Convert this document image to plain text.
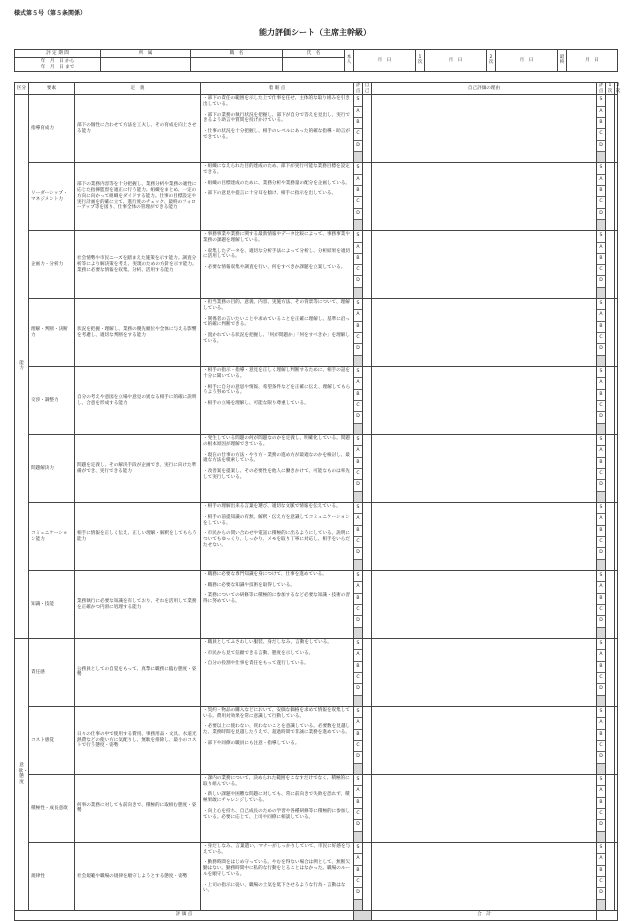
様式第５号（第５条関係）
能力評価シート（主席主幹級）
評 定 期 間	所　属	職　名	氏　名	本人	月　日	1次	月　日	2次	月　日	最終	月　日

年　月　日 から
年　月　日 まで											

区分	要素	定　義	着 眼 点	評点	自己	自己評価の理由	評点	1次	2次
能力	指導育成力	部下の個性に合わせて方法を工夫し、その育成を向上させる能力	・部下の責任の範囲を示した上で仕事を任せ、主体的な取り組みを引き出している。
・部下の業務の執行状況を把握し、部下が自分で答えを見出し、実行できるよう助言や質問を投げかけている。
・仕事の状況を十分把握し、相手のレベルにあった的確な指導・助言ができている。	S
A
B
C
D			S
A
B
C
D		

	リーダーシップ・マネジメント力	部下の業務内容等を十分把握し、業務分析や業務の適性に応じた指揮監督を適正に行う能力。組織をまとめ、一定の方向に向かって組織をダイドする能力。仕事の目標設定や実行計画を的確に立て、進行度のチェック、最終のフォローアップ等を図り、仕事全体の管理ができる能力	・組織になえられた目的達成のため、部下が実行可能な業務目標を設定できる。
・組織の目標達成のために、業務分析や業務量の配分を企画している。
・部下の意見や提言に十分耳を傾け、相手に指示を出している。	S
A
B
C
D			S
A
B
C
D		

	企画力・分析力	社会情勢や市民ニーズを踏まえた施策を示す能力。調査分析等により解決策を考え、実現のための方針を示す能力。業務に必要な情報を収集、分析、活用する能力	・事務事業や業務に関する最新情報やデータ比較によって、事務事業や業務の課題を理解している。
・収集したデータを、適切な分析手法によって分析し、分析結果を適切に活用している。
・必要な情報収集や調査を行い、何をすべきか課題を立案している。	S
A
B
C
D			S
A
B
C
D		

	理解・判断・決断力	状況を把握・理解し、業務の優先順位や全体に与える影響を考慮し、適切な判断をする能力	・担当業務の目的、意義、内容、実施方法、その背景等について、理解している。
・関係者の言いたいことや求めていることを正確に理解し、基準に沿って的確に判断できる。
・置かれている状況を把握し、「何が問題か」「何をすべきか」を理解している。	S
A
B
C
D			S
A
B
C
D		

	交渉・調整力	自分の考えや意図を立場や意見の異なる相手に的確に説明し、合意を形成する能力	・相手の指示・指導・意見を正しく理解し判断するために、相手の話を十分に聞いている。
・相手に自分の意思や情報、希望条件などを正確に伝え、理解してもらうよう努めている。
・相手の立場を理解し、可能な限り尊重している。	S
A
B
C
D			S
A
B
C
D		

	問題解決力	問題を定義し、その解決手段が企画でき、実行に向けた準備ができ、実行できる能力	・発生している問題の何が問題なのかを定義し、明確化している。問題の根本原因が理解できている。
・現在の仕事の方法・やり方・業務の進め方が最適なのかを検討し、最適な方法を模索している。
・改善案を提案し、その必要性を他人に働きかけて、可能なものは率先して実行している。	S
A
B
C
D			S
A
B
C
D		

	コミュニケーション能力	相手に情報を正しく伝え、正しい理解・解釈をしてもらう能力	・相手の理解出来る言葉を選び、適切な文脈で情報を伝えている。
・相手の前提知識の有無、解釈・伝え方を意識してコミュニケーションをしている。
・市民からの問い合わせや電話に積極的に出るようにしている。説明についてもゆっくり、しっかり、メモを取り丁寧に対応し、相手をいらだたせない。	S
A
B
C
D			S
A
B
C
D		

	知識・技能	業務執行に必要な知識を有しており、それを活用して業務を正確かつ円滑に処理する能力	・職務に必要な専門知識を身につけて、仕事を進めている。
・職務に必要な知識や技術を取得している。
・業務についての研修等に積極的に参加するなど必要な知識・技術の習得に努めている。	S
A
B
C
D			S
A
B
C
D		

意欲・態度	責任感	公務員としての自覚をもって、真摯に職務に臨む態度・姿勢	・職員としてふさわしい服装、身だしなみ、言動をしている。
・市民から見て信頼できる言動、態度を示している。
・自分の役割や仕事を責任をもって遂行している。	S
A
B
C
D			S
A
B
C
D		

	コスト感覚	日々の仕事の中で使用する費用、事務用品・文具、水道光熱費などの使い方に気配りし、無駄を排除し、最小のコストで行う態度・姿勢	・契約・物品の購入などにおいて、安価な価格を求めて情報を収集している。費用対効果を常に意識して行動している。
・必要以上に使わない、買わないことを意識している。必要数を見越した、業務時間を見越したうえで、超過時間で非誠に業務を進めている。
・部下や同僚の職員にも注意・指導している。	S
A
B
C
D			S
A
B
C
D		

	積極性・成長意欲	何事の業務に対しても前向きで、積極的に取組む態度・姿勢	・課内の業務について、決められた範囲をこなすだけでなく、積極的に取り組んでいる。
・新しい課題や困難な問題に対しても、常に前向きで失敗を恐れず、積極果敢にチャレンジしている。
・向上心を持ち、自己成長のための学習や各種研修等に積極的に参加している。必要に応じて、上司や同僚に相談している。	S
A
B
C
D			S
A
B
C
D		

	規律性	社会規範や職場の規律を順守しようとする態度・姿勢	・身だしなみ、言葉遣い、マナーがしっかりしていて、市民に好感を与えている。
・勤務時間をはじめ守っている。やむを得ない場合は例として、無断欠勤はない。勤務時間中に私的な行動をとることはなかった。職場のルールを順守している。
・上司の指示に従い、職場の士気を低下させるような行為・言動はない。	S
A
B
C
D			S
A
B
C
D		

評 価 点						合　計			
